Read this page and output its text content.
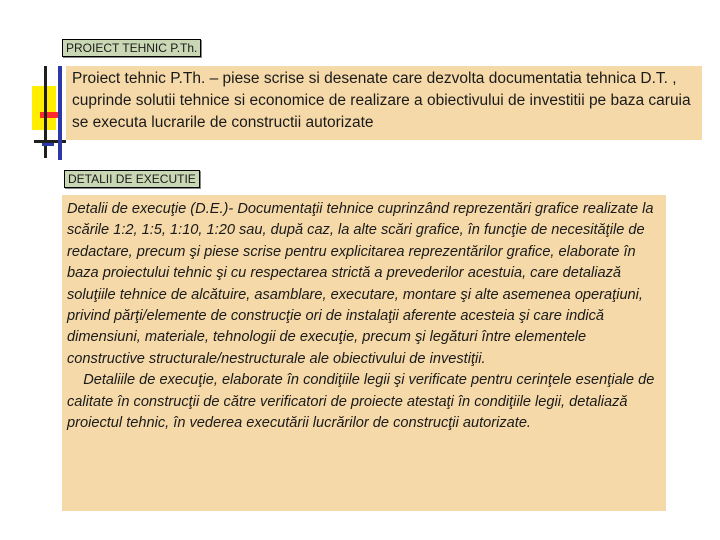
PROIECT TEHNIC P.Th.

Proiect tehnic P.Th. – piese scrise si desenate care dezvolta documentatia tehnica D.T. , cuprinde solutii tehnice si economice de realizare a obiectivului de investitii pe baza caruia se executa lucrarile de constructii autorizate

DETALII DE EXECUTIE

Detalii de execuţie (D.E.)- Documentaţii tehnice cuprinzând reprezentări grafice realizate la scările 1:2, 1:5, 1:10, 1:20 sau, după caz, la alte scări grafice, în funcţie de necesităţile de redactare, precum şi piese scrise pentru explicitarea reprezentărilor grafice, elaborate în baza proiectului tehnic şi cu respectarea strictă a prevederilor acestuia, care detaliază soluţiile tehnice de alcătuire, asamblare, executare, montare şi alte asemenea operaţiuni, privind părţi/elemente de construcţie ori de instalaţii aferente acesteia şi care indică dimensiuni, materiale, tehnologii de execuţie, precum şi legături între elementele constructive structurale/nestructurale ale obiectivului de investiţii.

Detaliile de execuţie, elaborate în condiţiile legii şi verificate pentru cerinţele esenţiale de calitate în construcţii de către verificatori de proiecte atestaţi în condiţiile legii, detaliază proiectul tehnic, în vederea executării lucrărilor de construcţii autorizate.
